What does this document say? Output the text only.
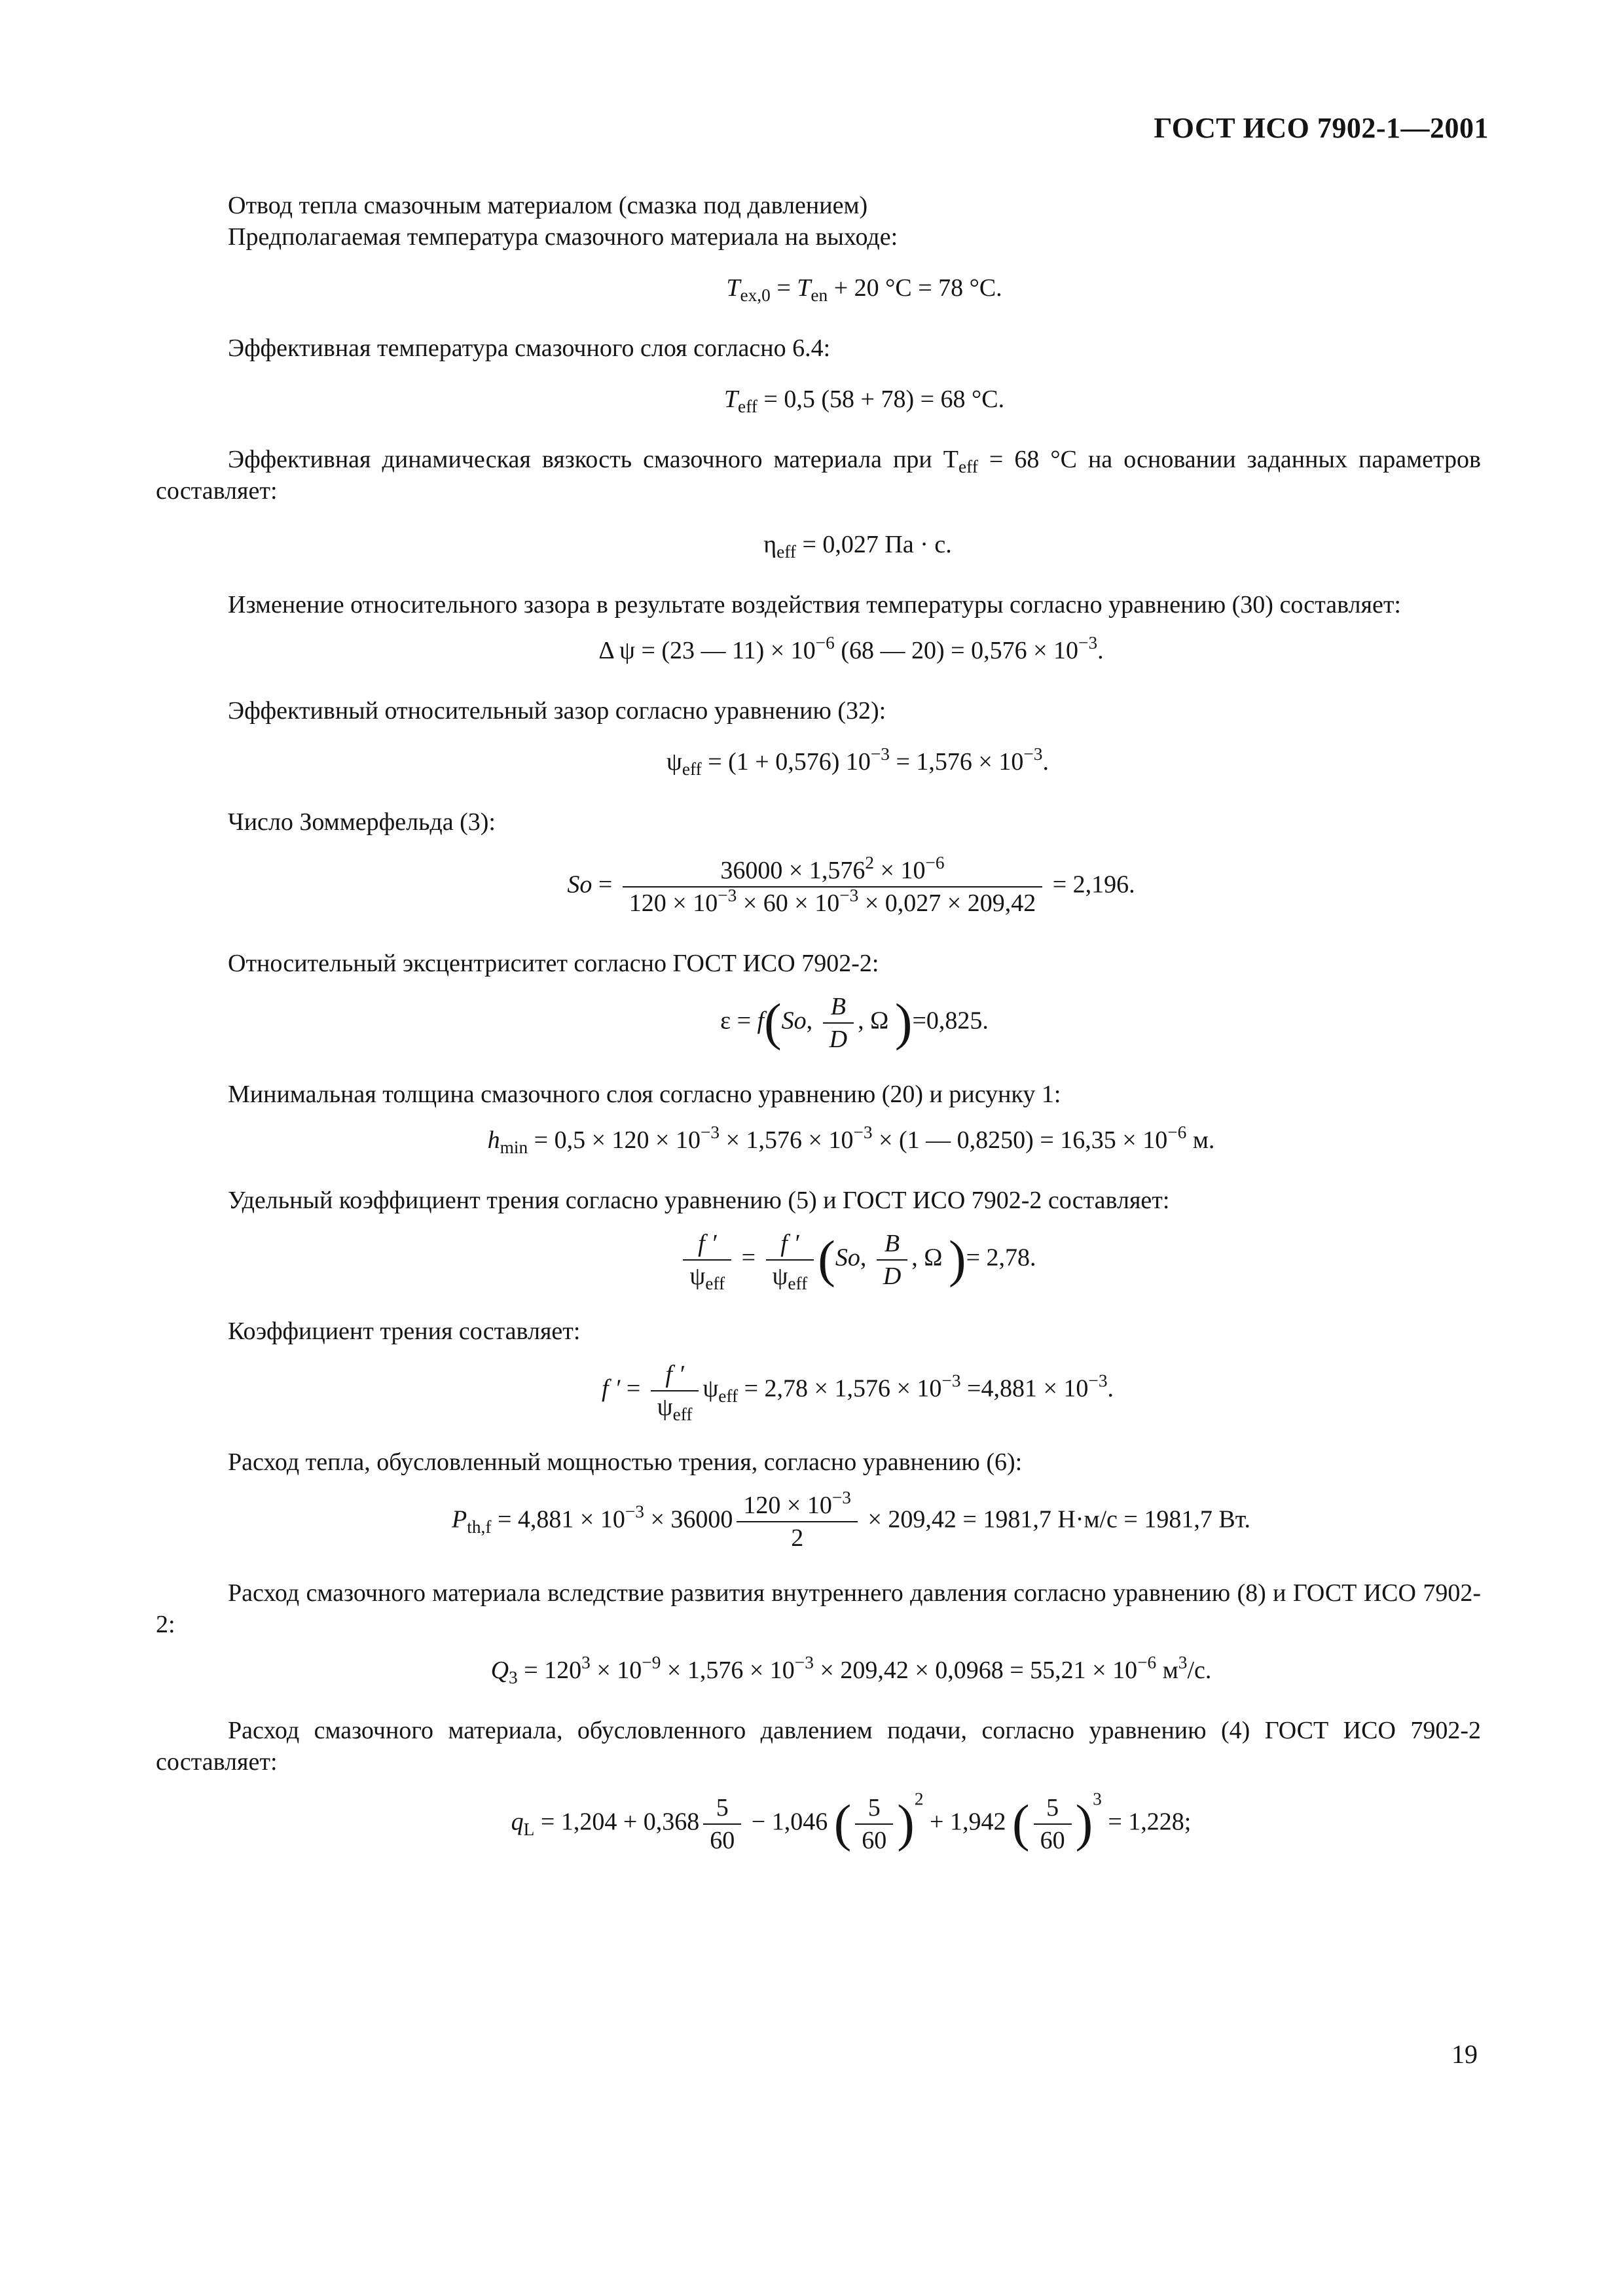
ГОСТ ИСО 7902-1—2001

Отвод тепла смазочным материалом (смазка под давлением)

Предполагаемая температура смазочного материала на выходе:

$T_{ex,0} = T_{en} + 20$ °С = 78 °С.

Эффективная температура смазочного слоя согласно 6.4:

$T_{eff} = 0,5$ (58 + 78) = 68 °С.

Эффективная динамическая вязкость смазочного материала при $T_{eff} = 68$ °С на основании заданных параметров составляет:

$\eta_{eff} = 0,027$ Па · с.

Изменение относительного зазора в результате воздействия температуры согласно уравнению (30) составляет:

Δ ψ = (23 — $11) \times 10^{-6}$ (68 — $20) = 0,576 \times 10^{-3}$.

Эффективный относительный зазор согласно уравнению (32):

$\psi_{eff} = (1 + 0,576) 10^{-3} = 1,576 \times 10^{-3}$.

Число Зоммерфельда (3):

$So = \frac{36000 \times 1,576^2 \times 10^{-6}}{120 \times 10^{-3} \times 60 \times 10^{-3} \times 0,027 \times 209,42} = 2,196$.

Относительный эксцентриситет согласно ГОСТ ИСО 7902-2:

ε = f(So, $\frac{B}{D}$ , Ω )=0,825.

Минимальная толщина смазочного слоя согласно уравнению (20) и рисунку 1:

$h_{min} = 0,5 \times 120 \times 10^{-3} \times 1,576 \times 10^{-3} \times (1$ — $0,8250) = 16,35 \times 10^{-6}$ м.

Удельный коэффициент трения согласно уравнению (5) и ГОСТ ИСО 7902-2 составляет:

$\frac{f '}{\psi_{eff}} = \frac{f '}{\psi_{eff}} (So$, $\frac{B}{D}$ , Ω )= 2,78.

Коэффициент трения составляет:

f ′ = $\frac{f '}{\psi_{eff}} \psi_{eff} = 2,78 \times 1,576 \times 10^{-3} =4,881 \times 10^{-3}$.

Расход тепла, обусловленный мощностью трения, согласно уравнению (6):

$P_{th,f} = 4,881 \times 10^{-3} \times 36000 \frac{120 \times 10^{-3}}{2} \times 209,42 = 1981,7$ Н·м/с = 1981,7 Вт.

Расход смазочного материала вследствие развития внутреннего давления согласно уравнению (8) и ГОСТ ИСО 7902-2:

$Q_3 = 120^3 \times 10^{-9} \times 1,576 \times 10^{-3} \times 209,42 \times 0,0968 = 55,21 \times 10^{-6}$ $м^3/с$.

Расход смазочного материала, обусловленного давлением подачи, согласно уравнению (4) ГОСТ ИСО 7902-2 составляет:

$q_L = 1,204 + 0,368 \frac{5}{60} - 1,046$ ( $\frac{5}{60} )^2 + 1,942$ ( $\frac{5}{60} )^3 = 1,228$;

19
